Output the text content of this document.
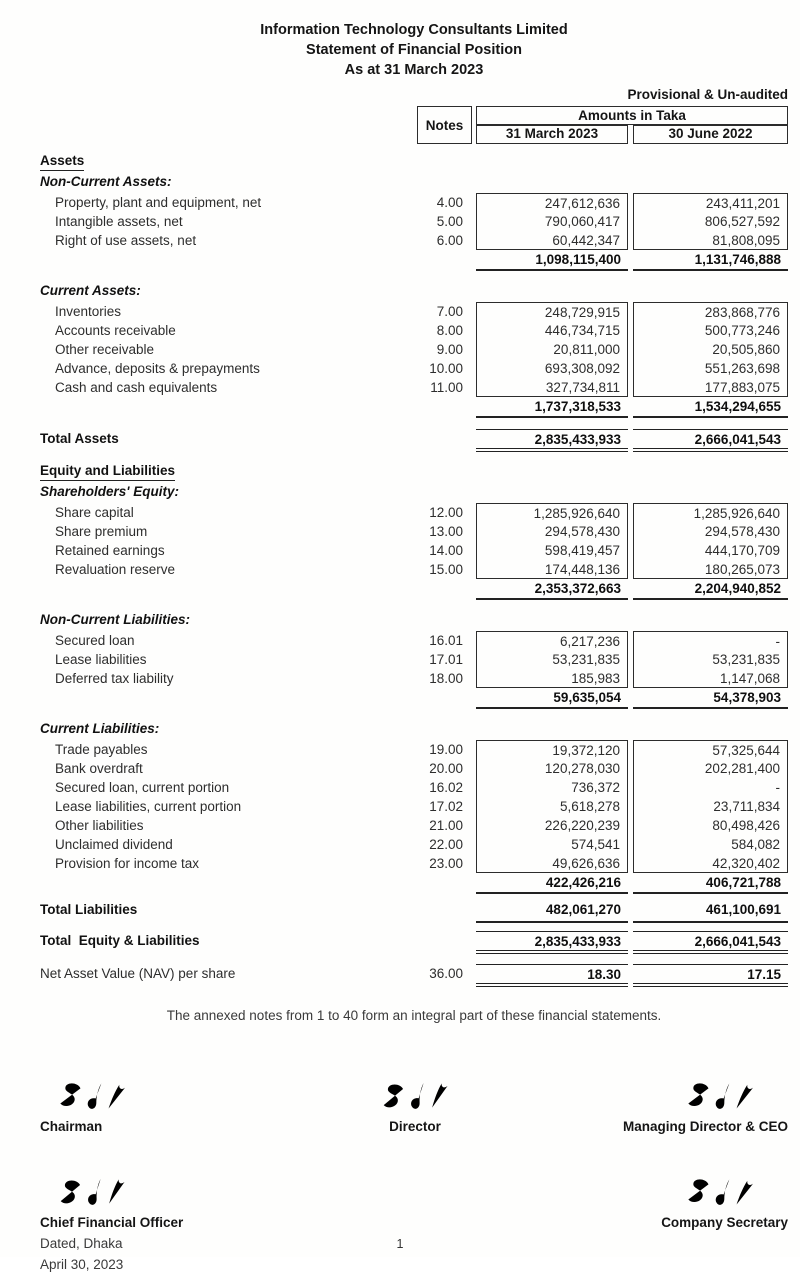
Information Technology Consultants Limited
Statement of Financial Position
As at 31 March 2023
Provisional & Un-audited
Notes
Amounts in Taka
31 March 2023	30 June 2022
Assets
Non-Current Assets:
Property, plant and equipment, net	4.00	247,612,636	243,411,201
Intangible assets, net	5.00	790,060,417	806,527,592
Right of use assets, net	6.00	60,442,347	81,808,095
1,098,115,400	1,131,746,888
Current Assets:
Inventories	7.00	248,729,915	283,868,776
Accounts receivable	8.00	446,734,715	500,773,246
Other receivable	9.00	20,811,000	20,505,860
Advance, deposits & prepayments	10.00	693,308,092	551,263,698
Cash and cash equivalents	11.00	327,734,811	177,883,075
1,737,318,533	1,534,294,655
Total Assets	2,835,433,933	2,666,041,543
Equity and Liabilities
Shareholders' Equity:
Share capital	12.00	1,285,926,640	1,285,926,640
Share premium	13.00	294,578,430	294,578,430
Retained earnings	14.00	598,419,457	444,170,709
Revaluation reserve	15.00	174,448,136	180,265,073
2,353,372,663	2,204,940,852
Non-Current Liabilities:
Secured loan	16.01	6,217,236	-
Lease liabilities	17.01	53,231,835	53,231,835
Deferred tax liability	18.00	185,983	1,147,068
59,635,054	54,378,903
Current Liabilities:
Trade payables	19.00	19,372,120	57,325,644
Bank overdraft	20.00	120,278,030	202,281,400
Secured loan, current portion	16.02	736,372	-
Lease liabilities, current portion	17.02	5,618,278	23,711,834
Other liabilities	21.00	226,220,239	80,498,426
Unclaimed dividend	22.00	574,541	584,082
Provision for income tax	23.00	49,626,636	42,320,402
422,426,216	406,721,788
Total Liabilities	482,061,270	461,100,691
Total  Equity & Liabilities	2,835,433,933	2,666,041,543
Net Asset Value (NAV) per share	36.00	18.30	17.15
The annexed notes from 1 to 40 form an integral part of these financial statements.
Chairman	Director	Managing Director & CEO
Chief Financial Officer
Dated, Dhaka
April 30, 2023
Company Secretary
1
